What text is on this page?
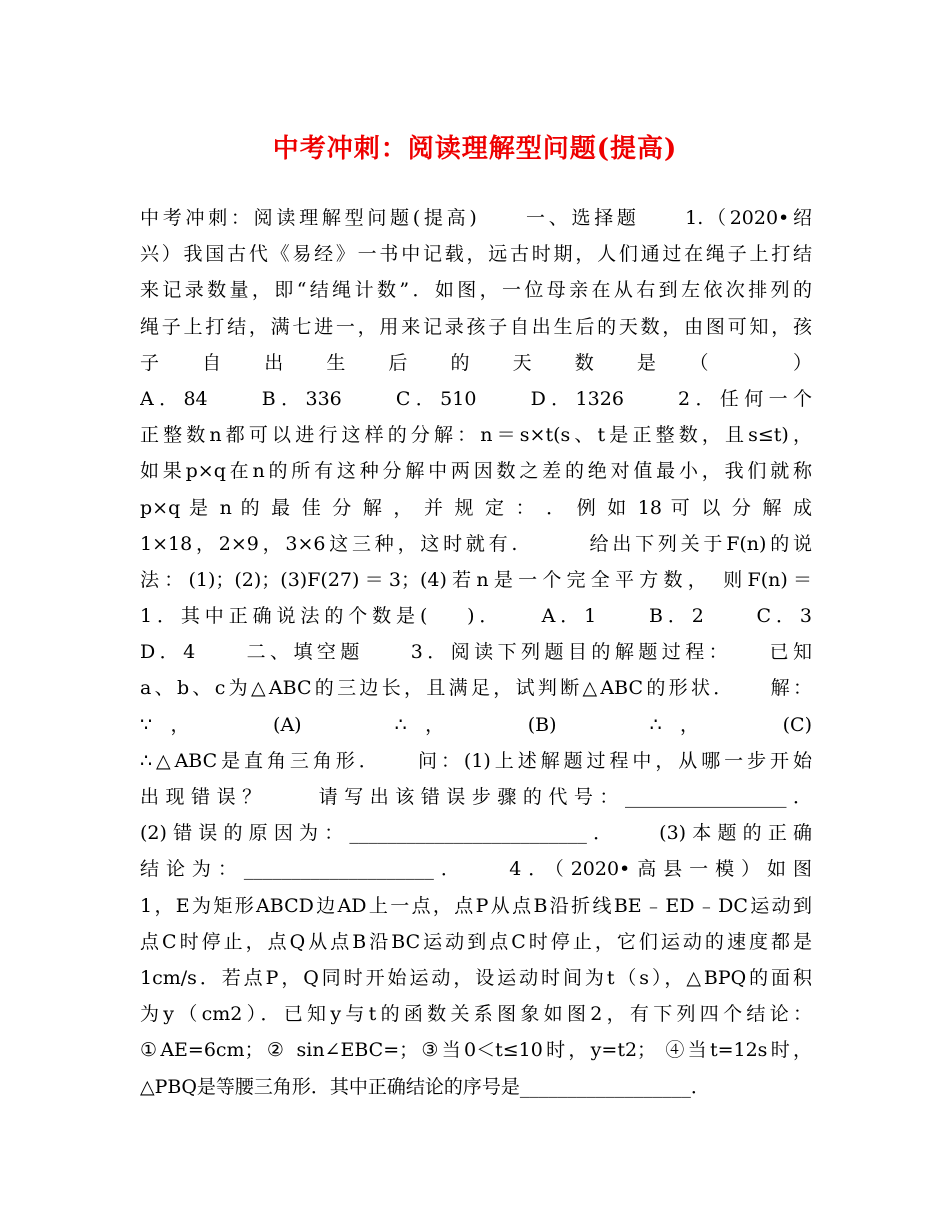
中考冲刺：阅读理解型问题(提高)
中考冲刺：阅读理解型问题(提高)　　一、选择题　　1.（2020•绍
兴）我国古代《易经》一书中记载，远古时期，人们通过在绳子上打结
来记录数量，即“结绳计数”．如图，一位母亲在从右到左依次排列的
绳子上打结，满七进一，用来记录孩子自出生后的天数，由图可知，孩
子　　自　　出　　生　　后　　的　　天　　数　　是　　（　　　　）
A．84　　B．336　　C．510　　D．1326　　2．任何一个
正整数n都可以进行这样的分解：n＝s×t(s、t是正整数，且s≤t)，
如果p×q在n的所有这种分解中两因数之差的绝对值最小，我们就称
p×q 是 n 的 最 佳 分 解 ， 并 规 定 ： ． 例 如 18 可 以 分 解 成
1×18，2×9，3×6这三种，这时就有.　　　给出下列关于F(n)的说
法：(1)；(2)；(3)F(27)＝3；(4)若n是一个完全平方数， 则F(n)＝
1．其中正确说法的个数是(　 )．　　A．1　　B．2　　C．3
D．4　　二、填空题　　3．阅读下列题目的解题过程：　　已知
a、b、c为△ABC的三边长，且满足，试判断△ABC的形状．　　解：
∵，　　(A)　　∴，　　(B)　　∴，　　(C)
∴△ABC是直角三角形．　　问：(1)上述解题过程中，从哪一步开始
出现错误？　　请写出该错误步骤的代号：_________________．
(2)错误的原因为：_________________________．　　(3)本题的正确
结论为：____________________．　　4．（2020•高县一模）如图
1，E为矩形ABCD边AD上一点，点P从点B沿折线BE﹣ED﹣DC运动到
点C时停止，点Q从点B沿BC运动到点C时停止，它们运动的速度都是
1cm/s．若点P，Q同时开始运动，设运动时间为t（s），△BPQ的面积
为y（cm2）．已知y与t的函数关系图象如图2，有下列四个结论：
①AE=6cm；② sin∠EBC=；③当0＜t≤10时，y=t2； ④当t=12s时，
△PBQ是等腰三角形．其中正确结论的序号是__________________．
